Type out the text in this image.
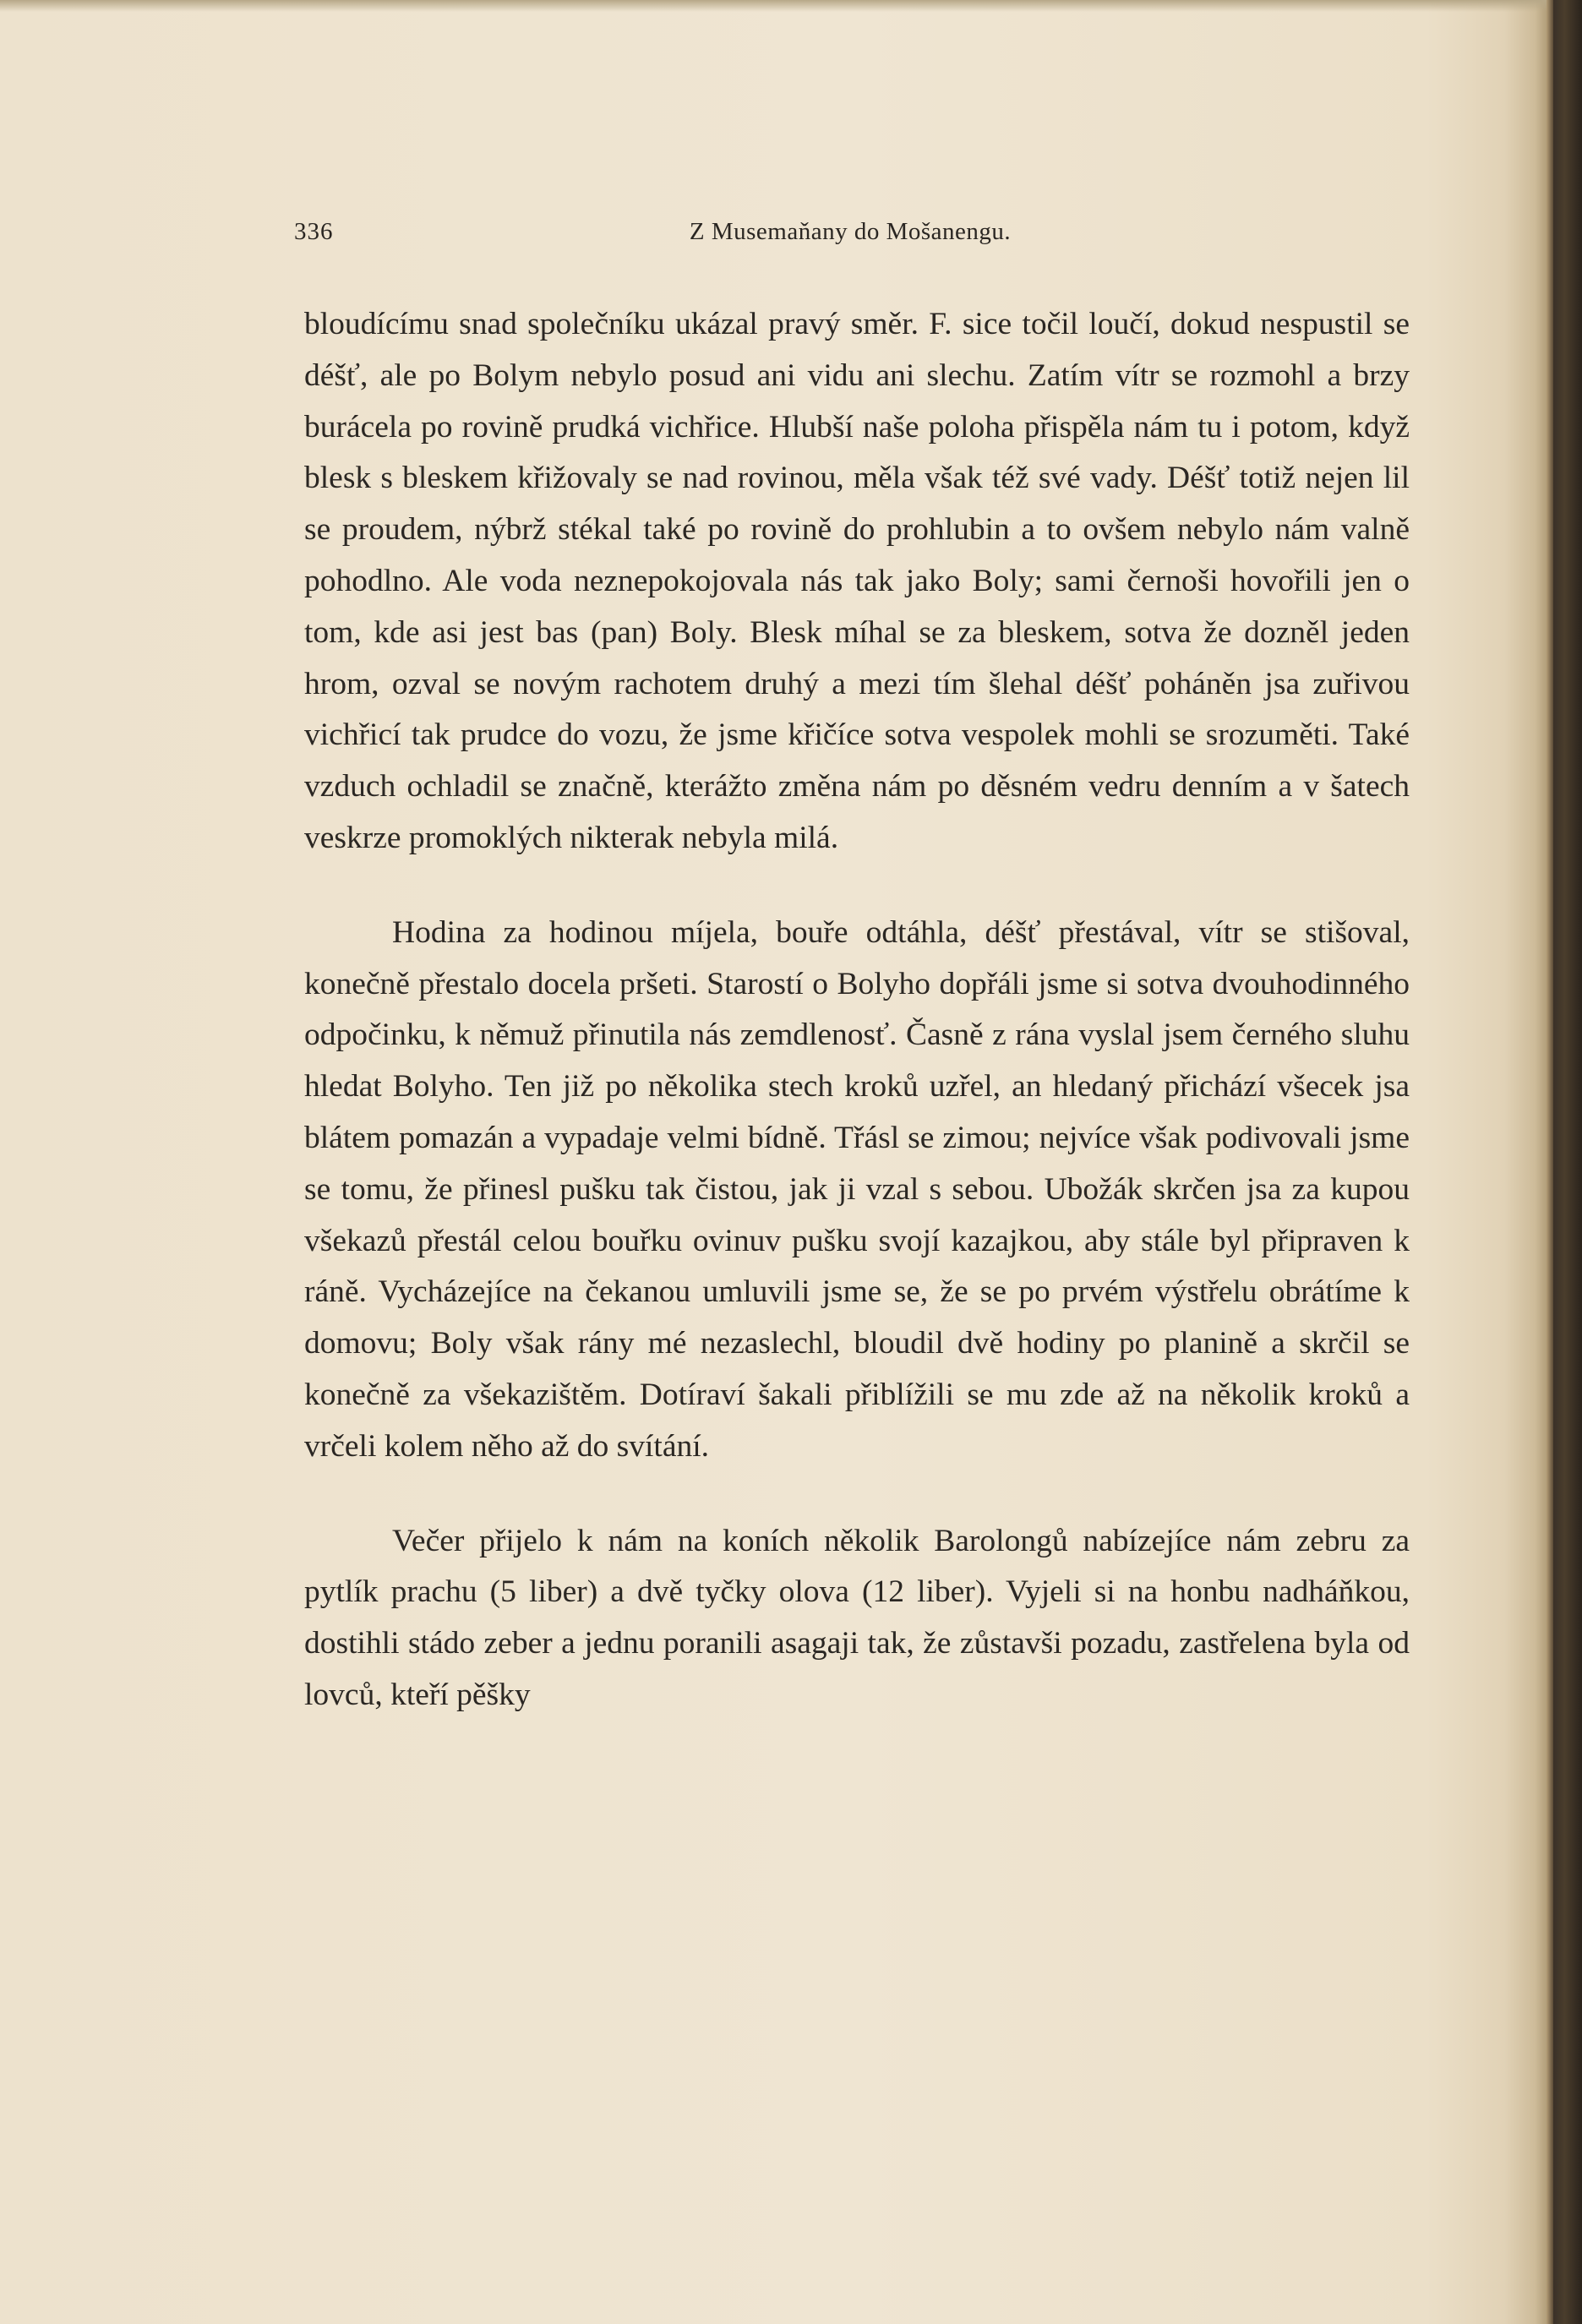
336	Z Musemaňany do Mošanengu.

bloudícímu snad společníku ukázal pravý směr. F. sice točil loučí, dokud nespustil se déšť, ale po Bolym nebylo posud ani vidu ani slechu. Zatím vítr se rozmohl a brzy burácela po rovině prudká vichřice. Hlubší naše poloha přispěla nám tu i potom, když blesk s bleskem křižovaly se nad rovinou, měla však též své vady. Déšť totiž nejen lil se proudem, nýbrž stékal také po rovině do prohlubin a to ovšem nebylo nám valně pohodlno. Ale voda neznepokojovala nás tak jako Boly; sami černoši hovořili jen o tom, kde asi jest bas (pan) Boly. Blesk míhal se za bleskem, sotva že dozněl jeden hrom, ozval se novým rachotem druhý a mezi tím šlehal déšť poháněn jsa zuřivou vichřicí tak prudce do vozu, že jsme křičíce sotva vespolek mohli se srozuměti. Také vzduch ochladil se značně, kterážto změna nám po děsném vedru denním a v šatech veskrze promoklých nikterak nebyla milá.

Hodina za hodinou míjela, bouře odtáhla, déšť přestával, vítr se stišoval, konečně přestalo docela pršeti. Starostí o Bolyho dopřáli jsme si sotva dvouhodinného odpočinku, k němuž přinutila nás zemdlenosť. Časně z rána vyslal jsem černého sluhu hledat Bolyho. Ten již po několika stech kroků uzřel, an hledaný přichází všecek jsa blátem pomazán a vypadaje velmi bídně. Třásl se zimou; nejvíce však podivovali jsme se tomu, že přinesl pušku tak čistou, jak ji vzal s sebou. Ubožák skrčen jsa za kupou všekazů přestál celou bouřku ovinuv pušku svojí kazajkou, aby stále byl připraven k ráně. Vycházejíce na čekanou umluvili jsme se, že se po prvém výstřelu obrátíme k domovu; Boly však rány mé nezaslechl, bloudil dvě hodiny po planině a skrčil se konečně za všekazištěm. Dotíraví šakali přiblížili se mu zde až na několik kroků a vrčeli kolem něho až do svítání.

Večer přijelo k nám na koních několik Barolongů nabízejíce nám zebru za pytlík prachu (5 liber) a dvě tyčky olova (12 liber). Vyjeli si na honbu nadháňkou, dostihli stádo zeber a jednu poranili asagaji tak, že zůstavši pozadu, zastřelena byla od lovců, kteří pěšky
